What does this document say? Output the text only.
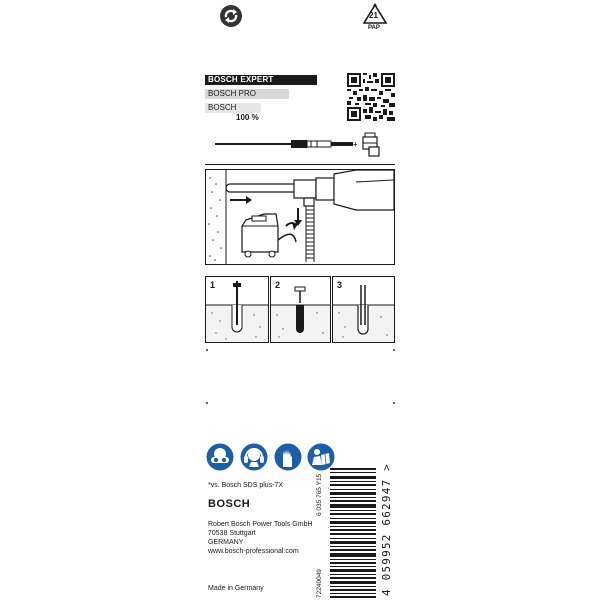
21
PAP
BOSCH EXPERT
BOSCH PRO
BOSCH
100 %
+
1	2	3
*vs. Bosch SDS plus-7X
BOSCH
Robert Bosch Power Tools GmbH
70538 Stuttgart
GERMANY
www.bosch-professional.com
Made in Germany
6 035 765 Y15
72240049	4 059952 662947 >
